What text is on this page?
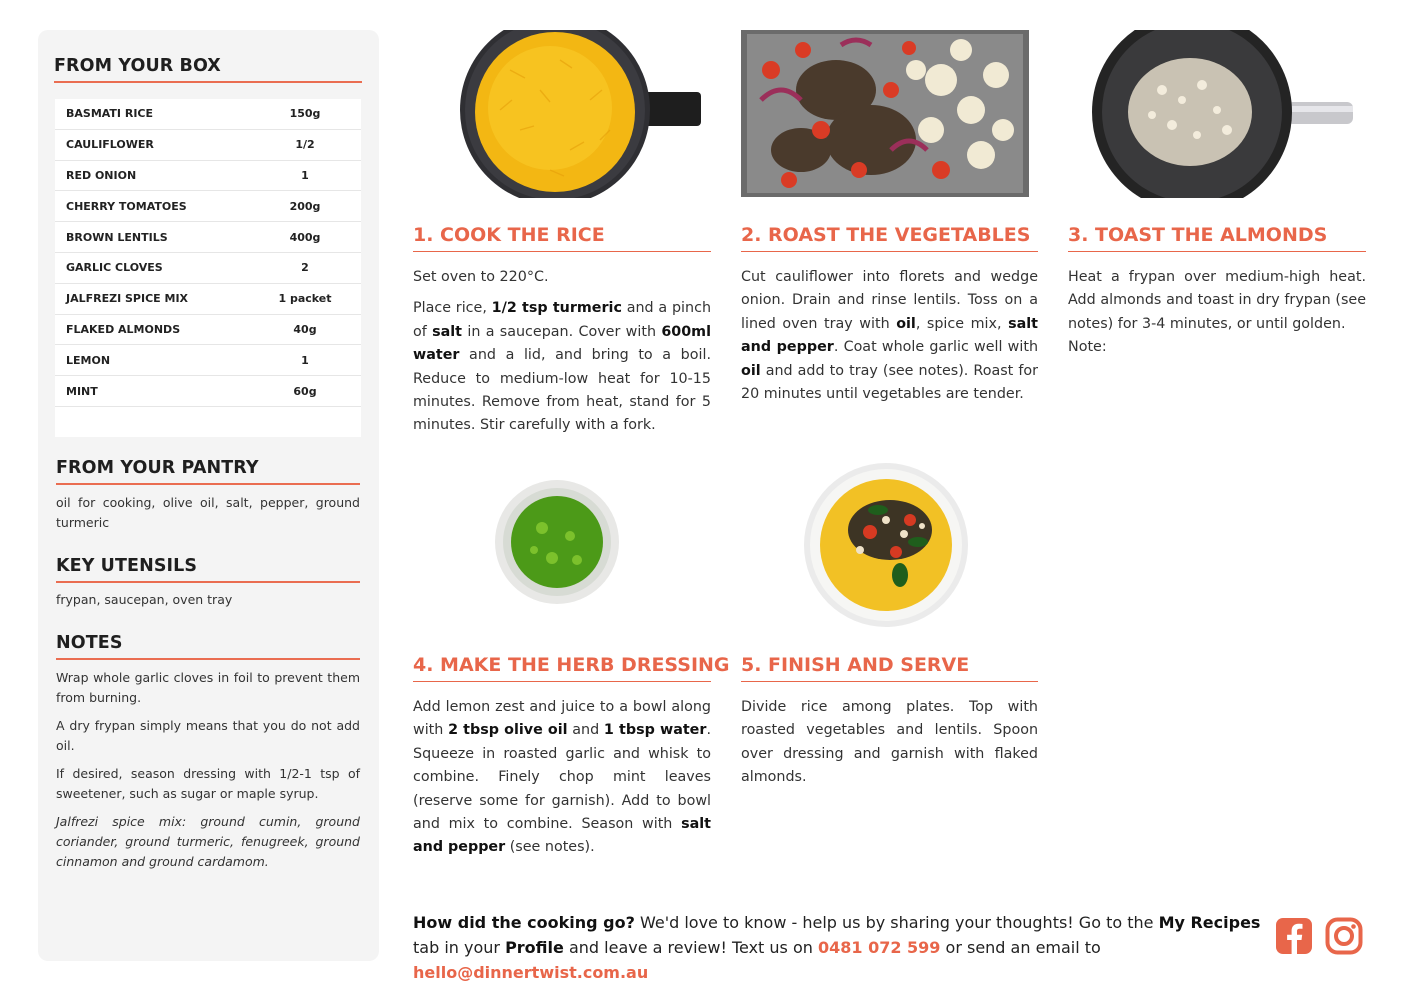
FROM YOUR BOX
BASMATI RICE	150g
CAULIFLOWER	1/2
RED ONION	1
CHERRY TOMATOES	200g
BROWN LENTILS	400g
GARLIC CLOVES	2
JALFREZI SPICE MIX	1 packet
FLAKED ALMONDS	40g
LEMON	1
MINT	60g
FROM YOUR PANTRY
oil for cooking, olive oil, salt, pepper, ground turmeric
KEY UTENSILS
frypan, saucepan, oven tray
NOTES

Wrap whole garlic cloves in foil to prevent them from burning.

A dry frypan simply means that you do not add oil.

If desired, season dressing with 1/2-1 tsp of sweetener, such as sugar or maple syrup.

Jalfrezi spice mix: ground cumin, ground coriander, ground turmeric, fenugreek, ground cinnamon and ground cardamom.

1. COOK THE RICE

Set oven to 220°C.

Place rice, 1/2 tsp turmeric and a pinch of salt in a saucepan. Cover with 600ml water and a lid, and bring to a boil. Reduce to medium-low heat for 10-15 minutes. Remove from heat, stand for 5 minutes. Stir carefully with a fork.

2. ROAST THE VEGETABLES

Cut cauliflower into florets and wedge onion. Drain and rinse lentils. Toss on a lined oven tray with oil, spice mix, salt and pepper. Coat whole garlic well with oil and add to tray (see notes). Roast for 20 minutes until vegetables are tender.

3. TOAST THE ALMONDS

Heat a frypan over medium-high heat. Add almonds and toast in dry frypan (see notes) for 3-4 minutes, or until golden.
Note:

4. MAKE THE HERB DRESSING

Add lemon zest and juice to a bowl along with 2 tbsp olive oil and 1 tbsp water. Squeeze in roasted garlic and whisk to combine. Finely chop mint leaves (reserve some for garnish). Add to bowl and mix to combine. Season with salt and pepper (see notes).

5. FINISH AND SERVE

Divide rice among plates. Top with roasted vegetables and lentils. Spoon over dressing and garnish with flaked almonds.

How did the cooking go? We'd love to know - help us by sharing your thoughts! Go to the My Recipes tab in your Profile and leave a review! Text us on 0481 072 599 or send an email to hello@dinnertwist.com.au
